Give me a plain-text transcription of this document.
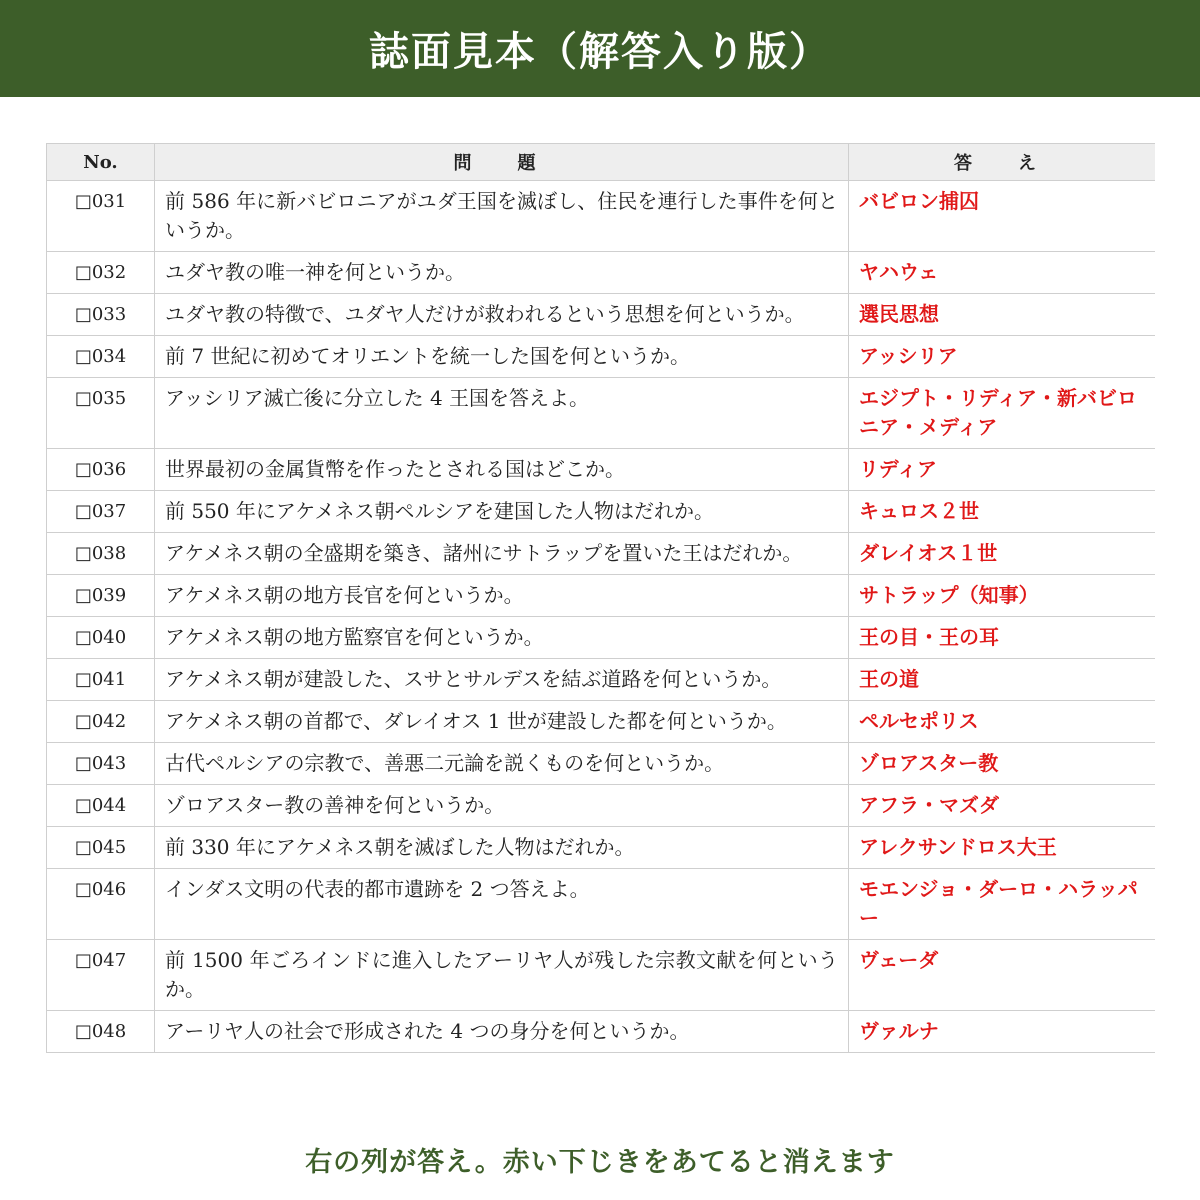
誌面見本（解答入り版）
No.	問　題	答　え
□031	前 586 年に新バビロニアがユダ王国を滅ぼし、住民を連行した事件を何というか。	バビロン捕囚
□032	ユダヤ教の唯一神を何というか。	ヤハウェ
□033	ユダヤ教の特徴で、ユダヤ人だけが救われるという思想を何というか。	選民思想
□034	前 7 世紀に初めてオリエントを統一した国を何というか。	アッシリア
□035	アッシリア滅亡後に分立した 4 王国を答えよ。	エジプト・リディア・新バビロニア・メディア
□036	世界最初の金属貨幣を作ったとされる国はどこか。	リディア
□037	前 550 年にアケメネス朝ペルシアを建国した人物はだれか。	キュロス２世
□038	アケメネス朝の全盛期を築き、諸州にサトラップを置いた王はだれか。	ダレイオス１世
□039	アケメネス朝の地方長官を何というか。	サトラップ（知事）
□040	アケメネス朝の地方監察官を何というか。	王の目・王の耳
□041	アケメネス朝が建設した、スサとサルデスを結ぶ道路を何というか。	王の道
□042	アケメネス朝の首都で、ダレイオス 1 世が建設した都を何というか。	ペルセポリス
□043	古代ペルシアの宗教で、善悪二元論を説くものを何というか。	ゾロアスター教
□044	ゾロアスター教の善神を何というか。	アフラ・マズダ
□045	前 330 年にアケメネス朝を滅ぼした人物はだれか。	アレクサンドロス大王
□046	インダス文明の代表的都市遺跡を 2 つ答えよ。	モエンジョ・ダーロ・ハラッパー
□047	前 1500 年ごろインドに進入したアーリヤ人が残した宗教文献を何というか。	ヴェーダ
□048	アーリヤ人の社会で形成された 4 つの身分を何というか。	ヴァルナ
右の列が答え。赤い下じきをあてると消えます
